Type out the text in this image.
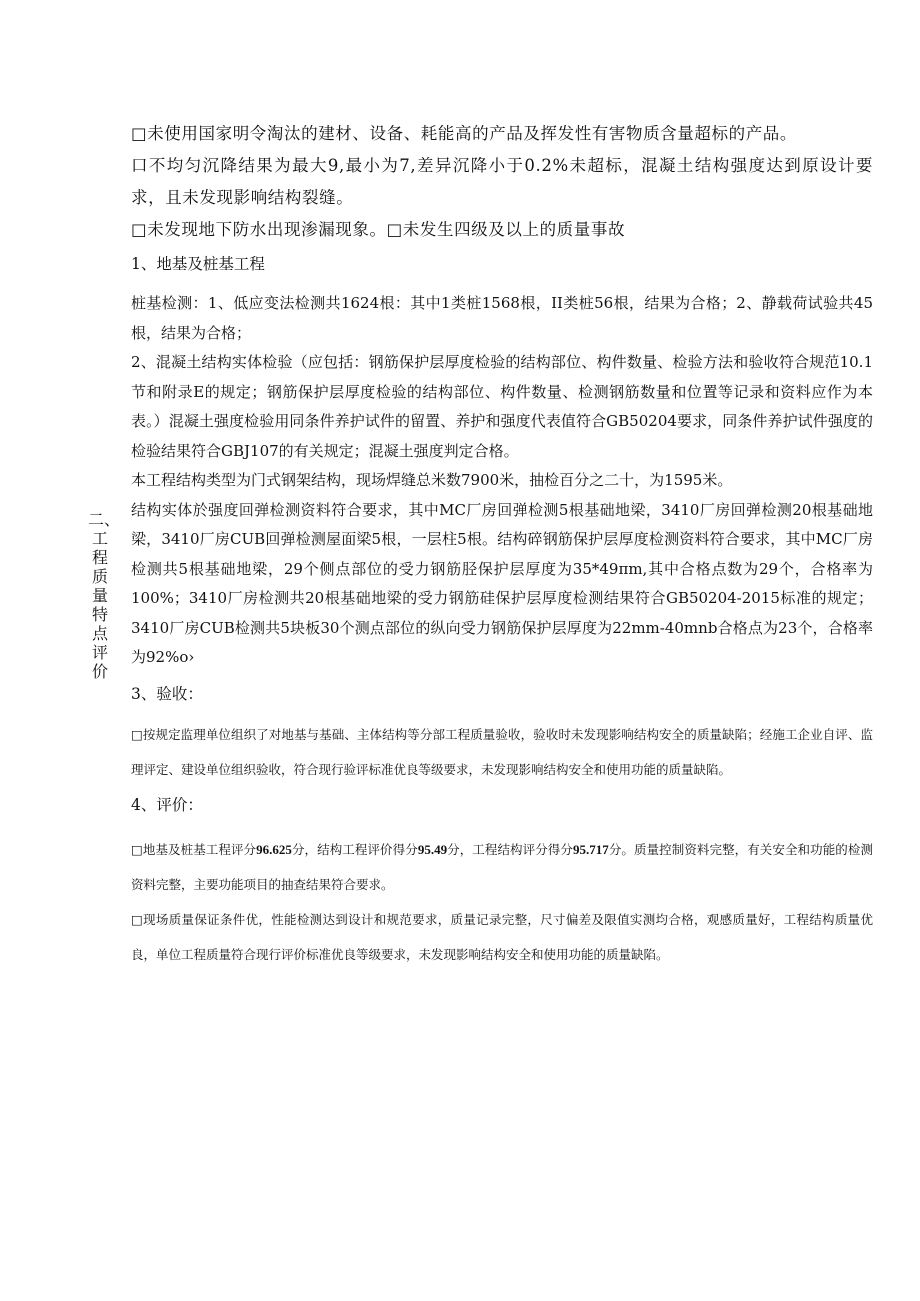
二、工程质量特点评价

□未使用国家明令淘汰的建材、设备、耗能高的产品及挥发性有害物质含量超标的产品。

口不均匀沉降结果为最大9,最小为7,差异沉降小于0.2%未超标，混凝土结构强度达到原设计要求，且未发现影响结构裂缝。

□未发现地下防水出现渗漏现象。□未发生四级及以上的质量事故

1、地基及桩基工程

桩基检测：1、低应变法检测共1624根：其中1类桩1568根，II类桩56根，结果为合格；2、静载荷试验共45根，结果为合格；

2、混凝土结构实体检验（应包括：钢筋保护层厚度检验的结构部位、构件数量、检验方法和验收符合规范10.1节和附录E的规定；钢筋保护层厚度检验的结构部位、构件数量、检测钢筋数量和位置等记录和资料应作为本表。）混凝土强度检验用同条件养护试件的留置、养护和强度代表值符合GB50204要求，同条件养护试件强度的检验结果符合GBJ107的有关规定；混凝土强度判定合格。

本工程结构类型为门式钢架结构，现场焊缝总米数7900米，抽检百分之二十，为1595米。

结构实体於强度回弹检测资料符合要求，其中MC厂房回弹检测5根基础地梁，3410厂房回弹检测20根基础地梁，3410厂房CUB回弹检测屋面梁5根，一层柱5根。结构碎钢筋保护层厚度检测资料符合要求，其中MC厂房检测共5根基础地梁，29个侧点部位的受力钢筋胫保护层厚度为35*49πm,其中合格点数为29个，合格率为100%；3410厂房检测共20根基础地梁的受力钢筋硅保护层厚度检测结果符合GB50204-2015标准的规定；3410厂房CUB检测共5块板30个测点部位的纵向受力钢筋保护层厚度为22mm-40mnb合格点为23个，合格率为92%o›

3、验收：

□按规定监理单位组织了对地基与基础、主体结构等分部工程质量验收，验收时未发现影响结构安全的质量缺陷；经施工企业自评、监理评定、建设单位组织验收，符合现行验评标准优良等级要求，未发现影响结构安全和使用功能的质量缺陷。

4、评价：

□地基及桩基工程评分96.625分，结构工程评价得分95.49分，工程结构评分得分95.717分。质量控制资料完整，有关安全和功能的检测资料完整，主要功能项目的抽查结果符合要求。

□现场质量保证条件优，性能检测达到设计和规范要求，质量记录完整，尺寸偏差及限值实测均合格，观感质量好，工程结构质量优良，单位工程质量符合现行评价标准优良等级要求，未发现影响结构安全和使用功能的质量缺陷。
